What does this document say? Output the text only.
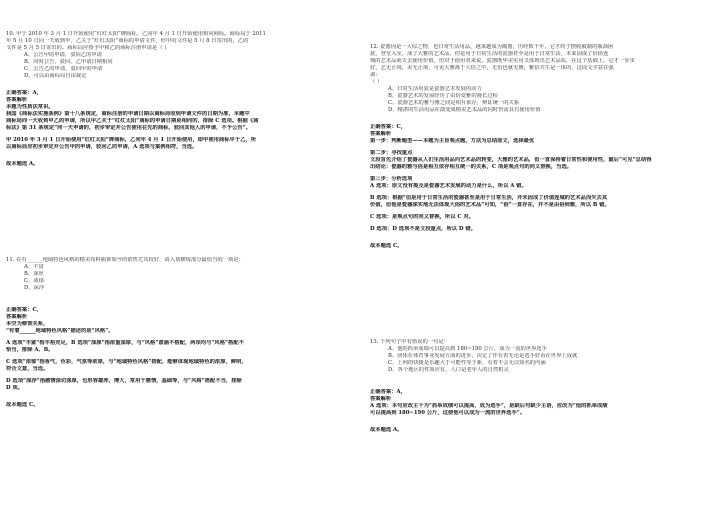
10. 甲于 2010 年 3 月 1 日开始使用“红红太阳”牌商标，乙同年 4 月 1 日开始使用相同商标。商标局于 2011
年 5 月 10 日同一天收到甲、乙关于“红红太阳”商标的申请文件，但甲的文件是 5 月 8 日寄出的，乙的
文件是 5 月 5 日寄出的。商标局应授予甲和乙的商标注册申请是（ ）
A、公告甲的申请，驳回乙的申请
B、同时公告，驳回，乙申请日期相同
C、公告乙的申请，驳回甲的申请
D、可以由商标局自由裁定
正确答案：A，
答案解析
本题为性质法常识。
我国《商标法实施条例》第十八条规定，商标注册的申请日期以商标局收到申请文件的日期为准，本题中
商标局同一天收到甲乙的申请，所以甲乙关于“红红太阳”商标的申请日期是相同的，排除 C 选项。根据《商
标法》第 31 条规定“同一天申请的，初步审定并公告使用在先的商标，驳回其他人的申请，不予公告”。
甲 2010 年 3 月 1 日开始使用“红红太阳”牌商标，乙同年 4 月 1 日开始使用，即甲使用商标早于乙，所
以商标局应初步审定并公告甲的申请，驳回乙的申请，A 选项与案例相符，当选。
故本题选 A。
11. 在有______地域特色风格的精美布料服饰如今的销售尤其较好，请入划横线部分最恰当的一项是：
A、丰富
B、深厚
C、浓郁
D、深浮
正确答案：C，
答案解析
本空为修饰关系，
“有着______地域特色风格”描述的是“风格”。
A 选项“丰富”指丰裕充足，B 选项“深厚”指浓重深厚，与“风格”意涵不搭配，两项均与“风格”搭配不
恰当，排除 A、B。
C 选项“浓郁”指香气，色彩，气氛等浓厚，与“地域特色风格”搭配，能够体现地域特色的浓厚，鲜明，
符合文意，当选。
D 选项“深浮”指感情深切深厚，也形容雄浑，博大，常用于感情，基础等，与“风格”搭配不当，排除
D 项。
故本题选 C。
12. 瓷器因是一大综之物，也日常生活用品，越来越成为陶器，历经数千年，它才终于摆脱被制的瓶颈困
扰，登堂入室，成了大雅的艺术品，但是用于日常生活的瓷器甚至是用于日常生活，本来固成了价值连
城的艺术品而失去使用价值，但对于使用者来说，瓷器既华美实用又体现出艺术品质，在这个基础上，它才一步步
好，艺无止境，美无止境，可见大雅离于大俗之中，无俗也就无雅，雅俗共生是一体的，这段文字意在强
调：
（ ）
A、日常生活用瓷是瓷器艺术发展的动力
B、瓷器艺术的发展经历了由俗变雅的漫长过程
C、瓷器艺术的雅与雅之间是相互依存，辩证统一的关系
D、精湛的生活用品在演变成精美艺术品的同时仍需具有使用价值
正确答案：C，
答案解析
第一步：判断题型——本题为主旨观点题，方法为总结原文，选择最优
第二步：寻找重点
文段首先介绍了瓷器从人们生活用品向艺术品的转变，大雅的艺术品，但一直保持着日常性和使用性，最后“可见”总结得
出结论：瓷器的雅与俗是相互依存相互统一的关系，C 项是观点句的同义替换，当选。
第三步：分析选项
A 选项：原文没有提及是瓷器艺术发展的动力是什么，所以 A 错。
B 选项：根据“但是用于日常生活的瓷器甚至是用于日常生活，并未因成了价值连城的艺术品而失去其
价值，但他是瓷器深实地无法体现大俗的艺术品“可知，“俗”一直存在，并不是由俗到雅，所以 B 错。
C 选项：是观点句的同义替换，所以 C 对。
D 选项：D 选项不是文段重点，所以 D 错。
故本题选 C。
13. 下列句子中有错误的一句是：
A、他的抓举成绩可以提高到 180~190 公斤，成为一流的世界选手
B、团体在体育事业发展方面的进步，决定了伴有着无论是选手好看在世界上成就
C、上网的快捷是乐趣大于可能性等于新，有着不会无以知名的内涵
D、各个地区的性质应有，人口是老年人的自然机灵
正确答案：A，
答案解析
A 选项：本句应改主干为“抓举成绩可以提高，成为选手”，是缺后句缺少主语，应改为“他的抓举成绩
可以提高到 180~190 公斤，这使他可以成为一流的世界选手”。
故本题选 A。
